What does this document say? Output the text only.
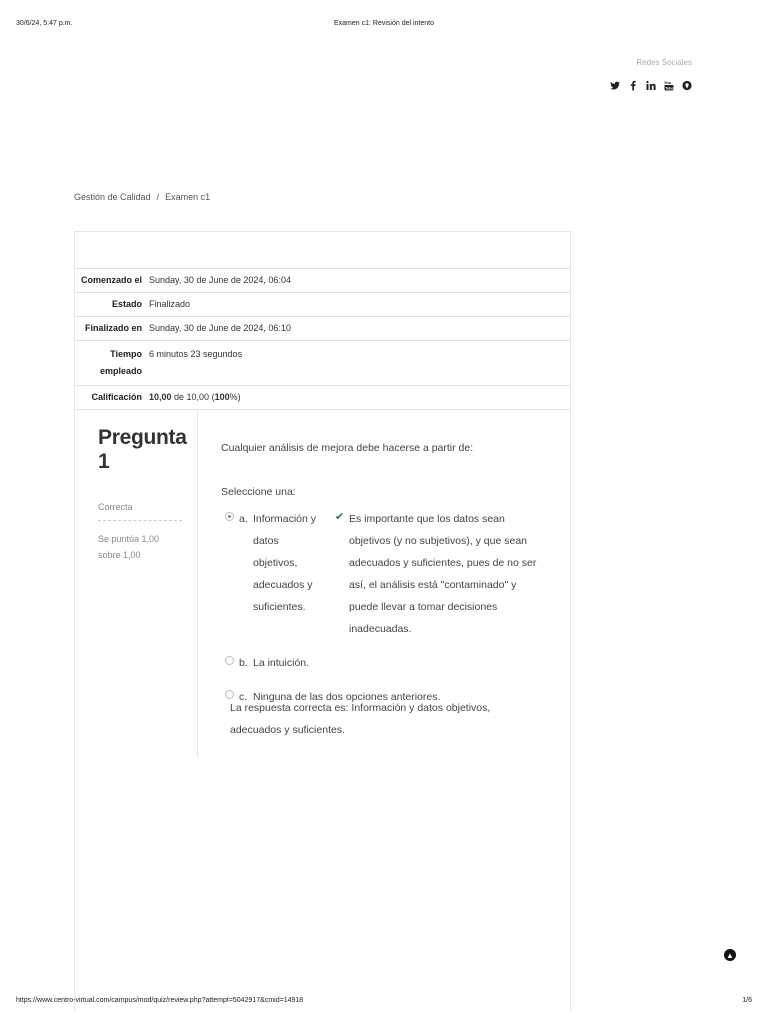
30/6/24, 5:47 p.m.	Examen c1: Revisión del intento
Redes Sociales
You
Tube
Gestión de Calidad / Examen c1
Comenzado el Sunday, 30 de June de 2024, 06:04
Estado Finalizado
Finalizado en Sunday, 30 de June de 2024, 06:10
Tiempo empleado
6 minutos 23 segundos
Calificación 10,00 de 10,00 (100%)
Pregunta 1
Correcta
Se puntúa 1,00 sobre 1,00
Cualquier análisis de mejora debe hacerse a partir de:
Seleccione una:
a. Información y datos objetivos, adecuados y suficientes.
✔ Es importante que los datos sean objetivos (y no subjetivos), y que sean adecuados y suficientes, pues de no ser así, el análisis está "contaminado" y puede llevar a tomar decisiones inadecuadas.
b. La intuición.
c. Ninguna de las dos opciones anteriores.
La respuesta correcta es: Información y datos objetivos, adecuados y suficientes.
▲
https://www.centro-virtual.com/campus/mod/quiz/review.php?attempt=5042917&cmid=14918	1/6
